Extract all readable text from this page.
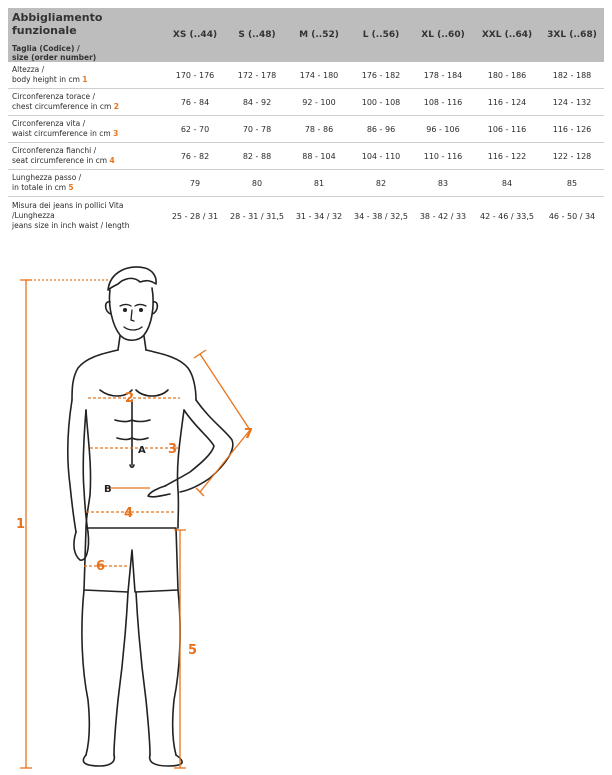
Abbigliamento funzionale
Taglia (Codice) /
size (order number)	XS (..44)	S (..48)	M (..52)	L (..56)	XL (..60)	XXL (..64)	3XL (..68)

Altezza /
body height in cm 1	170 - 176	172 - 178	174 - 180	176 - 182	178 - 184	180 - 186	182 - 188

Circonferenza torace /
chest circumference in cm 2	76 - 84	84 - 92	92 - 100	100 - 108	108 - 116	116 - 124	124 - 132

Circonferenza vita /
waist circumference in cm 3	62 - 70	70 - 78	78 - 86	86 - 96	96 - 106	106 - 116	116 - 126

Circonferenza fianchi /
seat circumference in cm 4	76 - 82	82 - 88	88 - 104	104 - 110	110 - 116	116 - 122	122 - 128

Lunghezza passo /
in totale in cm 5	79	80	81	82	83	84	85

Misura dei jeans in pollici Vita /Lunghezza
jeans size in inch waist / length	25 - 28 / 31	28 - 31 / 31,5	31 - 34 / 32	34 - 38 / 32,5	38 - 42 / 33	42 - 46 / 33,5	46 - 50 / 34
1
2
3
4
5
6
7
A
B
